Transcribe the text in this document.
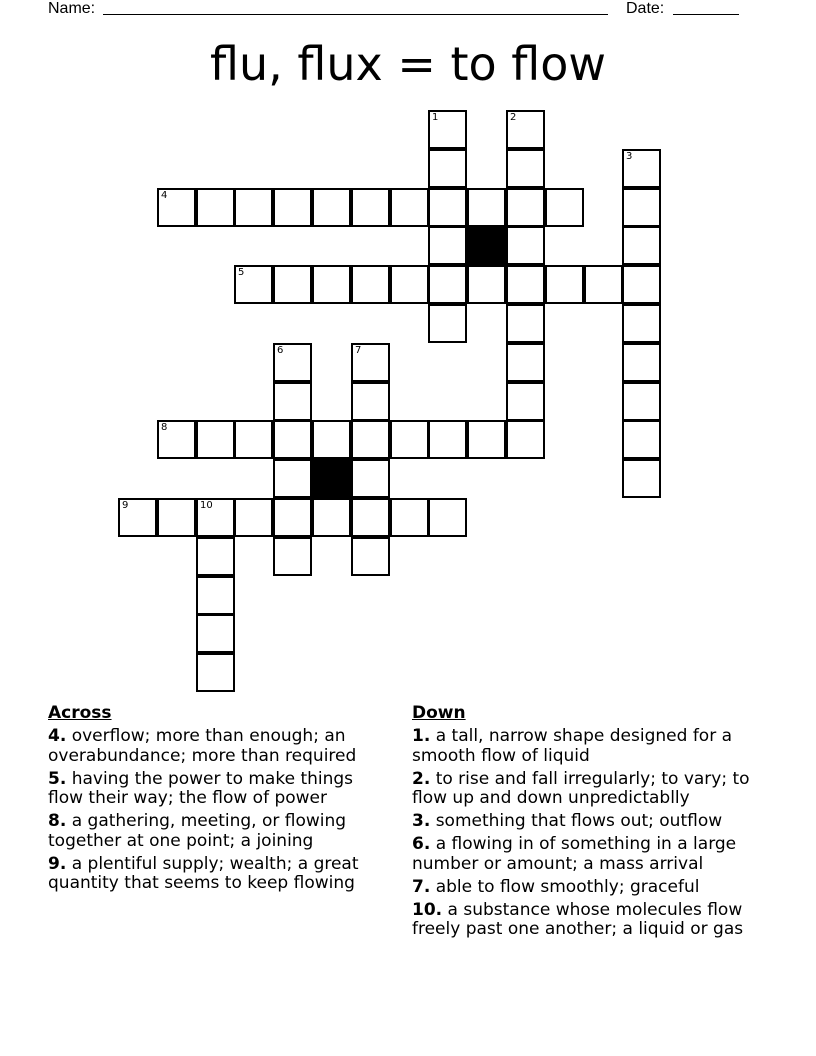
Name:	Date:
flu, flux = to flow
4
5
8
9	10
1	2
3
6	7
Across
4. overflow; more than enough; an overabundance; more than required
5. having the power to make things flow their way; the flow of power
8. a gathering, meeting, or flowing together at one point; a joining
9. a plentiful supply; wealth; a great quantity that seems to keep flowing
Down
1. a tall, narrow shape designed for a smooth flow of liquid
2. to rise and fall irregularly; to vary; to flow up and down unpredictablly
3. something that flows out; outflow
6. a flowing in of something in a large number or amount; a mass arrival
7. able to flow smoothly; graceful
10. a substance whose molecules flow freely past one another; a liquid or gas
